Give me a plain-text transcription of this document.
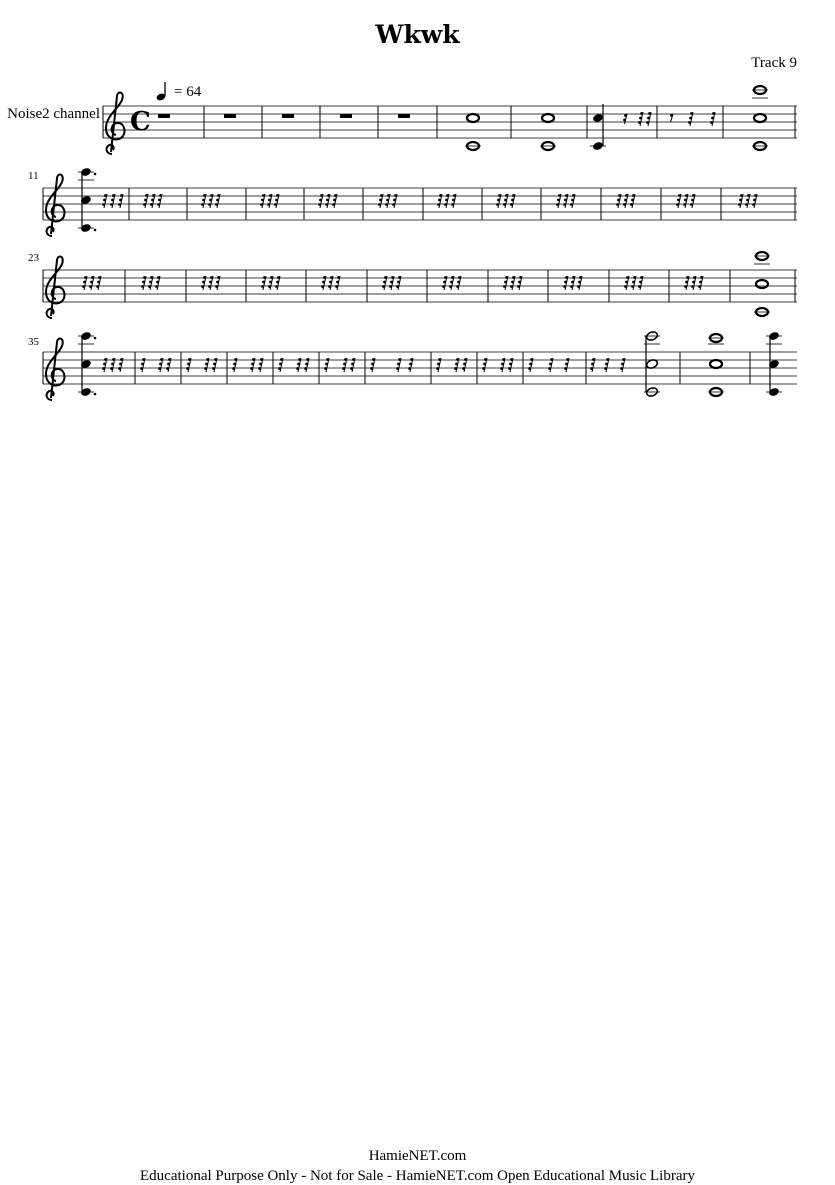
Wkwk
Track 9
= 64
Noise2 channel
11
23
35
C
HamieNET.com
Educational Purpose Only - Not for Sale - HamieNET.com Open Educational Music Library
